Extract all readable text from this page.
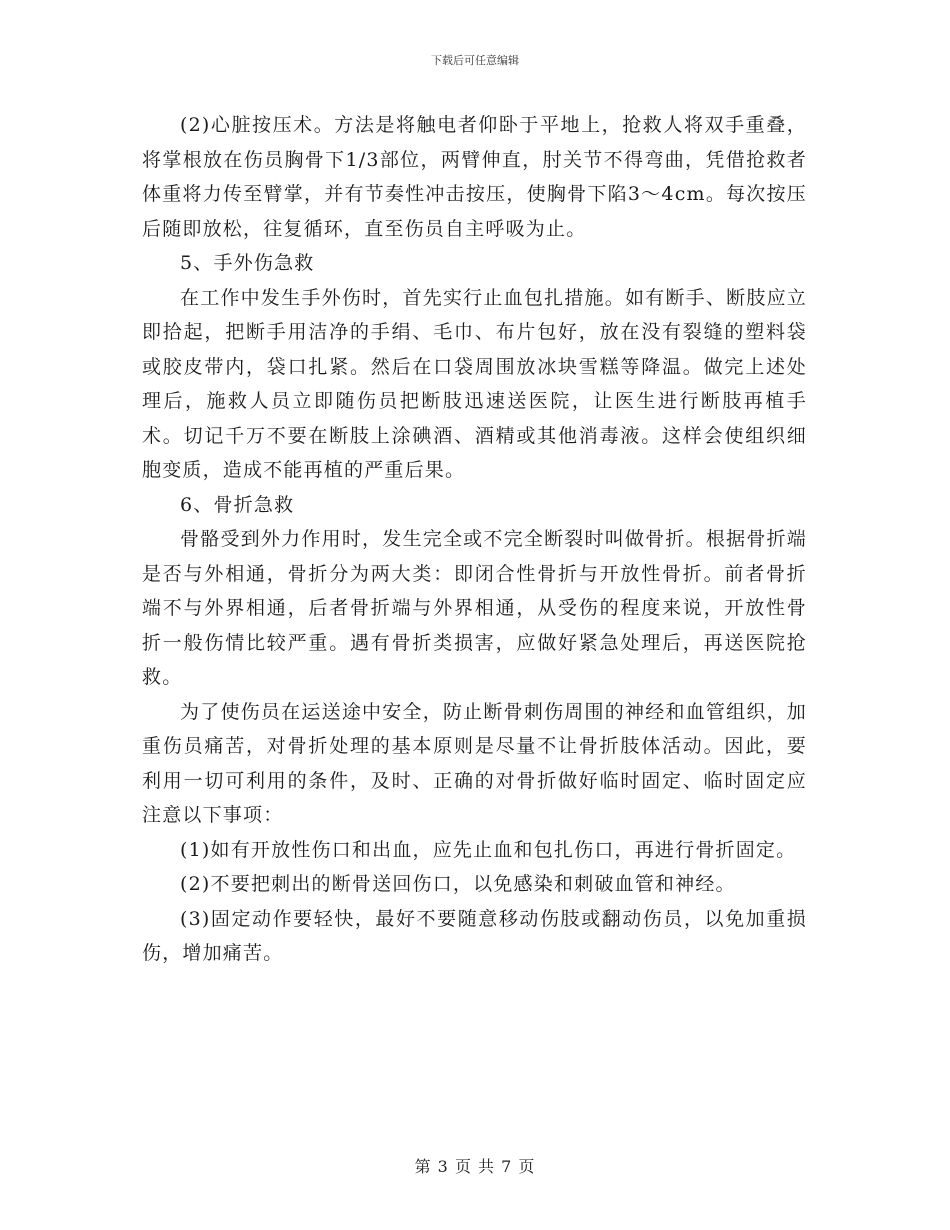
下载后可任意编辑

(2)心脏按压术。方法是将触电者仰卧于平地上，抢救人将双手重叠，将掌根放在伤员胸骨下1/3部位，两臂伸直，肘关节不得弯曲，凭借抢救者体重将力传至臂掌，并有节奏性冲击按压，使胸骨下陷3～4cm。每次按压后随即放松，往复循环，直至伤员自主呼吸为止。

5、手外伤急救

在工作中发生手外伤时，首先实行止血包扎措施。如有断手、断肢应立即拾起，把断手用洁净的手绢、毛巾、布片包好，放在没有裂缝的塑料袋或胶皮带内，袋口扎紧。然后在口袋周围放冰块雪糕等降温。做完上述处理后，施救人员立即随伤员把断肢迅速送医院，让医生进行断肢再植手术。切记千万不要在断肢上涂碘酒、酒精或其他消毒液。这样会使组织细胞变质，造成不能再植的严重后果。

6、骨折急救

骨骼受到外力作用时，发生完全或不完全断裂时叫做骨折。根据骨折端是否与外相通，骨折分为两大类：即闭合性骨折与开放性骨折。前者骨折端不与外界相通，后者骨折端与外界相通，从受伤的程度来说，开放性骨折一般伤情比较严重。遇有骨折类损害，应做好紧急处理后，再送医院抢救。

为了使伤员在运送途中安全，防止断骨刺伤周围的神经和血管组织，加重伤员痛苦，对骨折处理的基本原则是尽量不让骨折肢体活动。因此，要利用一切可利用的条件，及时、正确的对骨折做好临时固定、临时固定应注意以下事项：

(1)如有开放性伤口和出血，应先止血和包扎伤口，再进行骨折固定。

(2)不要把刺出的断骨送回伤口，以免感染和刺破血管和神经。

(3)固定动作要轻快，最好不要随意移动伤肢或翻动伤员，以免加重损伤，增加痛苦。

第 3 页 共 7 页
